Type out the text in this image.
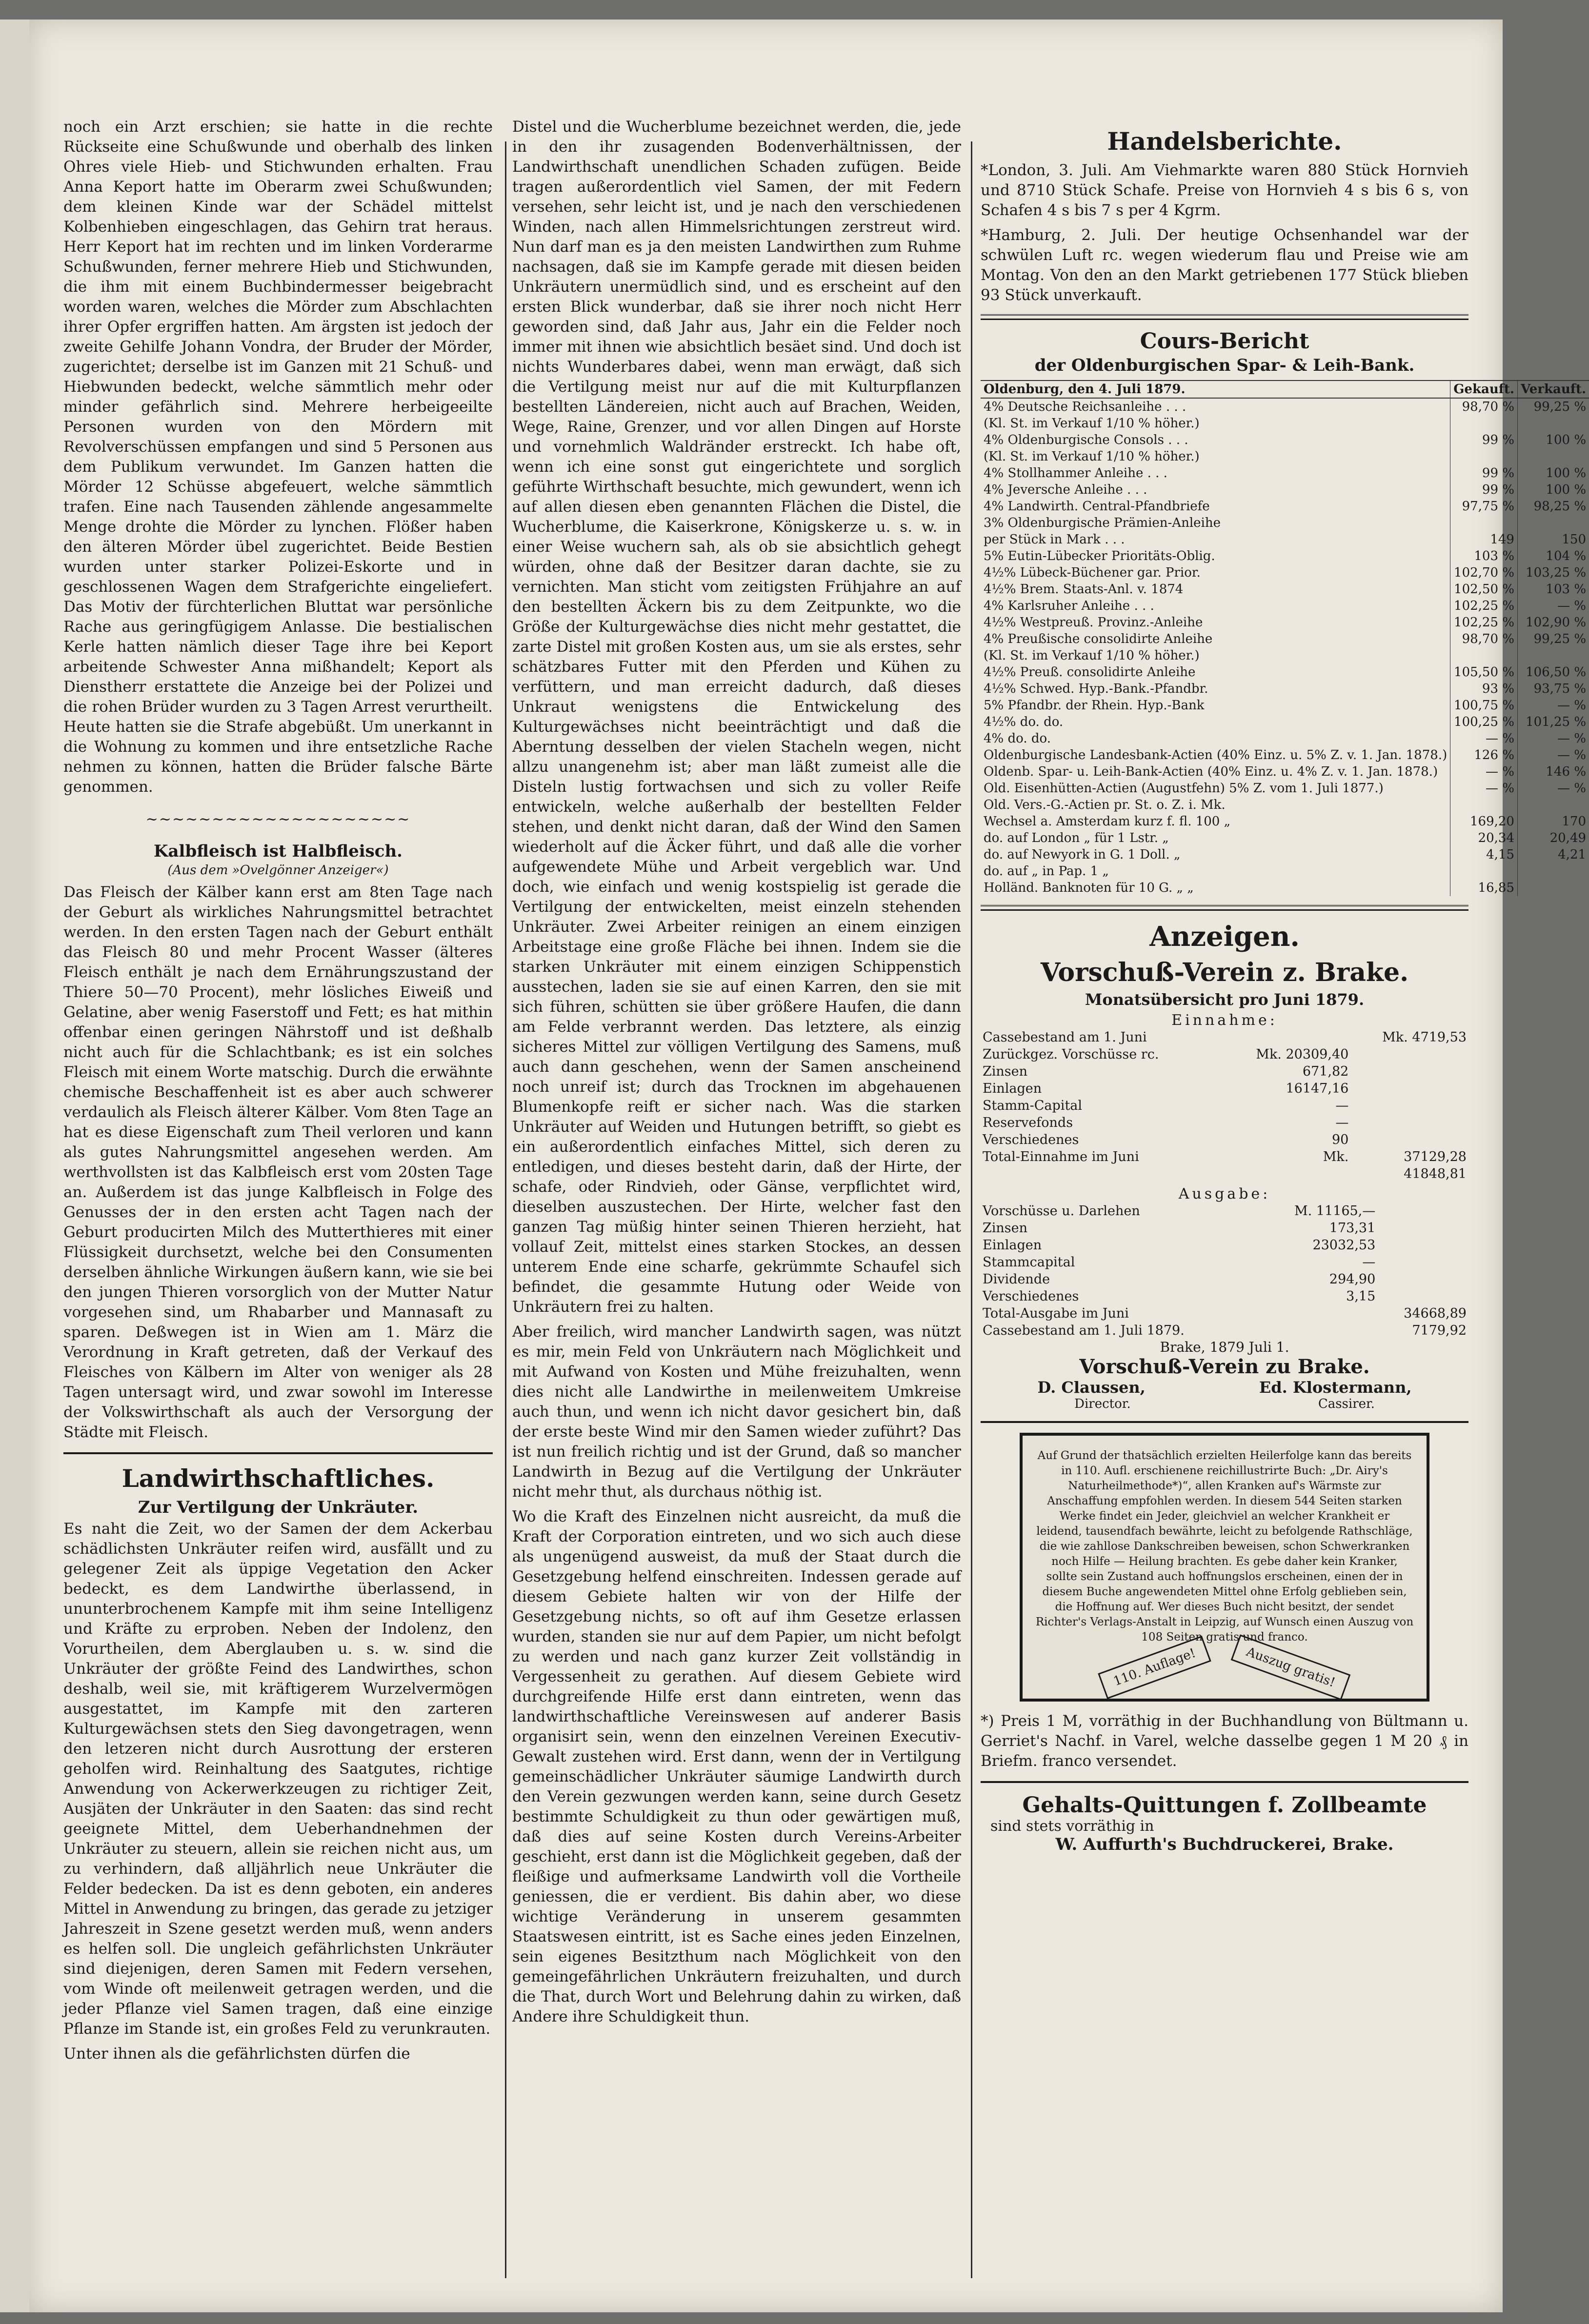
noch ein Arzt erschien; sie hatte in die rechte Rückseite eine Schußwunde und oberhalb des linken Ohres viele Hieb- und Stichwunden erhalten. Frau Anna Keport hatte im Oberarm zwei Schußwunden; dem kleinen Kinde war der Schädel mittelst Kolbenhieben eingeschlagen, das Gehirn trat heraus. Herr Keport hat im rechten und im linken Vorderarme Schußwunden, ferner mehrere Hieb und Stichwunden, die ihm mit einem Buchbindermesser beigebracht worden waren, welches die Mörder zum Abschlachten ihrer Opfer ergriffen hatten. Am ärgsten ist jedoch der zweite Gehilfe Johann Vondra, der Bruder der Mörder, zugerichtet; derselbe ist im Ganzen mit 21 Schuß- und Hiebwunden bedeckt, welche sämmtlich mehr oder minder gefährlich sind. Mehrere herbeigeeilte Personen wurden von den Mördern mit Revolverschüssen empfangen und sind 5 Personen aus dem Publikum verwundet. Im Ganzen hatten die Mörder 12 Schüsse abgefeuert, welche sämmtlich trafen. Eine nach Tausenden zählende angesammelte Menge drohte die Mörder zu lynchen. Flößer haben den älteren Mörder übel zugerichtet. Beide Bestien wurden unter starker Polizei-Eskorte und in geschlossenen Wagen dem Strafgerichte eingeliefert. Das Motiv der fürchterlichen Bluttat war persönliche Rache aus geringfügigem Anlasse. Die bestialischen Kerle hatten nämlich dieser Tage ihre bei Keport arbeitende Schwester Anna mißhandelt; Keport als Dienstherr erstattete die Anzeige bei der Polizei und die rohen Brüder wurden zu 3 Tagen Arrest verurtheilt. Heute hatten sie die Strafe abgebüßt. Um unerkannt in die Wohnung zu kommen und ihre entsetzliche Rache nehmen zu können, hatten die Brüder falsche Bärte genommen.

~~~~~~~~~~~~~~~~~~~~
Kalbfleisch ist Halbfleisch.
(Aus dem »Ovelgönner Anzeiger«)

Das Fleisch der Kälber kann erst am 8ten Tage nach der Geburt als wirkliches Nahrungsmittel betrachtet werden. In den ersten Tagen nach der Geburt enthält das Fleisch 80 und mehr Procent Wasser (älteres Fleisch enthält je nach dem Ernährungszustand der Thiere 50—70 Procent), mehr lösliches Eiweiß und Gelatine, aber wenig Faserstoff und Fett; es hat mithin offenbar einen geringen Nährstoff und ist deßhalb nicht auch für die Schlachtbank; es ist ein solches Fleisch mit einem Worte matschig. Durch die erwähnte chemische Beschaffenheit ist es aber auch schwerer verdaulich als Fleisch älterer Kälber. Vom 8ten Tage an hat es diese Eigenschaft zum Theil verloren und kann als gutes Nahrungsmittel angesehen werden. Am werthvollsten ist das Kalbfleisch erst vom 20sten Tage an. Außerdem ist das junge Kalbfleisch in Folge des Genusses der in den ersten acht Tagen nach der Geburt producirten Milch des Mutterthieres mit einer Flüssigkeit durchsetzt, welche bei den Consumenten derselben ähnliche Wirkungen äußern kann, wie sie bei den jungen Thieren vorsorglich von der Mutter Natur vorgesehen sind, um Rhabarber und Mannasaft zu sparen. Deßwegen ist in Wien am 1. März die Verordnung in Kraft getreten, daß der Verkauf des Fleisches von Kälbern im Alter von weniger als 28 Tagen untersagt wird, und zwar sowohl im Interesse der Volkswirthschaft als auch der Versorgung der Städte mit Fleisch.

Landwirthschaftliches.
Zur Vertilgung der Unkräuter.

Es naht die Zeit, wo der Samen der dem Ackerbau schädlichsten Unkräuter reifen wird, ausfällt und zu gelegener Zeit als üppige Vegetation den Acker bedeckt, es dem Landwirthe überlassend, in ununterbrochenem Kampfe mit ihm seine Intelligenz und Kräfte zu erproben. Neben der Indolenz, den Vorurtheilen, dem Aberglauben u. s. w. sind die Unkräuter der größte Feind des Landwirthes, schon deshalb, weil sie, mit kräftigerem Wurzelvermögen ausgestattet, im Kampfe mit den zarteren Kulturgewächsen stets den Sieg davongetragen, wenn den letzeren nicht durch Ausrottung der ersteren geholfen wird. Reinhaltung des Saatgutes, richtige Anwendung von Ackerwerkzeugen zu richtiger Zeit, Ausjäten der Unkräuter in den Saaten: das sind recht geeignete Mittel, dem Ueberhandnehmen der Unkräuter zu steuern, allein sie reichen nicht aus, um zu verhindern, daß alljährlich neue Unkräuter die Felder bedecken. Da ist es denn geboten, ein anderes Mittel in Anwendung zu bringen, das gerade zu jetziger Jahreszeit in Szene gesetzt werden muß, wenn anders es helfen soll. Die ungleich gefährlichsten Unkräuter sind diejenigen, deren Samen mit Federn versehen, vom Winde oft meilenweit getragen werden, und die jeder Pflanze viel Samen tragen, daß eine einzige Pflanze im Stande ist, ein großes Feld zu verunkrauten.

Unter ihnen als die gefährlichsten dürfen die

Distel und die Wucherblume bezeichnet werden, die, jede in den ihr zusagenden Bodenverhältnissen, der Landwirthschaft unendlichen Schaden zufügen. Beide tragen außerordentlich viel Samen, der mit Federn versehen, sehr leicht ist, und je nach den verschiedenen Winden, nach allen Himmelsrichtungen zerstreut wird. Nun darf man es ja den meisten Landwirthen zum Ruhme nachsagen, daß sie im Kampfe gerade mit diesen beiden Unkräutern unermüdlich sind, und es erscheint auf den ersten Blick wunderbar, daß sie ihrer noch nicht Herr geworden sind, daß Jahr aus, Jahr ein die Felder noch immer mit ihnen wie absichtlich besäet sind. Und doch ist nichts Wunderbares dabei, wenn man erwägt, daß sich die Vertilgung meist nur auf die mit Kulturpflanzen bestellten Ländereien, nicht auch auf Brachen, Weiden, Wege, Raine, Grenzer, und vor allen Dingen auf Horste und vornehmlich Waldränder erstreckt. Ich habe oft, wenn ich eine sonst gut eingerichtete und sorglich geführte Wirthschaft besuchte, mich gewundert, wenn ich auf allen diesen eben genannten Flächen die Distel, die Wucherblume, die Kaiserkrone, Königskerze u. s. w. in einer Weise wuchern sah, als ob sie absichtlich gehegt würden, ohne daß der Besitzer daran dachte, sie zu vernichten. Man sticht vom zeitigsten Frühjahre an auf den bestellten Äckern bis zu dem Zeitpunkte, wo die Größe der Kulturgewächse dies nicht mehr gestattet, die zarte Distel mit großen Kosten aus, um sie als erstes, sehr schätzbares Futter mit den Pferden und Kühen zu verfüttern, und man erreicht dadurch, daß dieses Unkraut wenigstens die Entwickelung des Kulturgewächses nicht beeinträchtigt und daß die Aberntung desselben der vielen Stacheln wegen, nicht allzu unangenehm ist; aber man läßt zumeist alle die Disteln lustig fortwachsen und sich zu voller Reife entwickeln, welche außerhalb der bestellten Felder stehen, und denkt nicht daran, daß der Wind den Samen wiederholt auf die Äcker führt, und daß alle die vorher aufgewendete Mühe und Arbeit vergeblich war. Und doch, wie einfach und wenig kostspielig ist gerade die Vertilgung der entwickelten, meist einzeln stehenden Unkräuter. Zwei Arbeiter reinigen an einem einzigen Arbeitstage eine große Fläche bei ihnen. Indem sie die starken Unkräuter mit einem einzigen Schippenstich ausstechen, laden sie sie auf einen Karren, den sie mit sich führen, schütten sie über größere Haufen, die dann am Felde verbrannt werden. Das letztere, als einzig sicheres Mittel zur völligen Vertilgung des Samens, muß auch dann geschehen, wenn der Samen anscheinend noch unreif ist; durch das Trocknen im abgehauenen Blumenkopfe reift er sicher nach. Was die starken Unkräuter auf Weiden und Hutungen betrifft, so giebt es ein außerordentlich einfaches Mittel, sich deren zu entledigen, und dieses besteht darin, daß der Hirte, der schafe, oder Rindvieh, oder Gänse, verpflichtet wird, dieselben auszustechen. Der Hirte, welcher fast den ganzen Tag müßig hinter seinen Thieren herzieht, hat vollauf Zeit, mittelst eines starken Stockes, an dessen unterem Ende eine scharfe, gekrümmte Schaufel sich befindet, die gesammte Hutung oder Weide von Unkräutern frei zu halten.

Aber freilich, wird mancher Landwirth sagen, was nützt es mir, mein Feld von Unkräutern nach Möglichkeit und mit Aufwand von Kosten und Mühe freizuhalten, wenn dies nicht alle Landwirthe in meilenweitem Umkreise auch thun, und wenn ich nicht davor gesichert bin, daß der erste beste Wind mir den Samen wieder zuführt? Das ist nun freilich richtig und ist der Grund, daß so mancher Landwirth in Bezug auf die Vertilgung der Unkräuter nicht mehr thut, als durchaus nöthig ist.

Wo die Kraft des Einzelnen nicht ausreicht, da muß die Kraft der Corporation eintreten, und wo sich auch diese als ungenügend ausweist, da muß der Staat durch die Gesetzgebung helfend einschreiten. Indessen gerade auf diesem Gebiete halten wir von der Hilfe der Gesetzgebung nichts, so oft auf ihm Gesetze erlassen wurden, standen sie nur auf dem Papier, um nicht befolgt zu werden und nach ganz kurzer Zeit vollständig in Vergessenheit zu gerathen. Auf diesem Gebiete wird durchgreifende Hilfe erst dann eintreten, wenn das landwirthschaftliche Vereinswesen auf anderer Basis organisirt sein, wenn den einzelnen Vereinen Executiv-Gewalt zustehen wird. Erst dann, wenn der in Vertilgung gemeinschädlicher Unkräuter säumige Landwirth durch den Verein gezwungen werden kann, seine durch Gesetz bestimmte Schuldigkeit zu thun oder gewärtigen muß, daß dies auf seine Kosten durch Vereins-Arbeiter geschieht, erst dann ist die Möglichkeit gegeben, daß der fleißige und aufmerksame Landwirth voll die Vortheile geniessen, die er verdient. Bis dahin aber, wo diese wichtige Veränderung in unserem gesammten Staatswesen eintritt, ist es Sache eines jeden Einzelnen, sein eigenes Besitzthum nach Möglichkeit von den gemeingefährlichen Unkräutern freizuhalten, und durch die That, durch Wort und Belehrung dahin zu wirken, daß Andere ihre Schuldigkeit thun.

Handelsberichte.

*London, 3. Juli. Am Viehmarkte waren 880 Stück Hornvieh und 8710 Stück Schafe. Preise von Hornvieh 4 s bis 6 s, von Schafen 4 s bis 7 s per 4 Kgrm.

*Hamburg, 2. Juli. Der heutige Ochsenhandel war der schwülen Luft rc. wegen wiederum flau und Preise wie am Montag. Von den an den Markt getriebenen 177 Stück blieben 93 Stück unverkauft.

Cours-Bericht
der Oldenburgischen Spar- & Leih-Bank.
Oldenburg, den 4. Juli 1879.	Gekauft.	Verkauft.
4% Deutsche Reichsanleihe . . .	98,70 %	99,25 %
(Kl. St. im Verkauf 1/10 % höher.)		
4% Oldenburgische Consols . . .	99 %	100 %
(Kl. St. im Verkauf 1/10 % höher.)		
4% Stollhammer Anleihe . . .	99 %	100 %
4% Jeversche Anleihe . . .	99 %	100 %
4% Landwirth. Central-Pfandbriefe	97,75 %	98,25 %
3% Oldenburgische Prämien-Anleihe		
per Stück in Mark . . .	149	150
5% Eutin-Lübecker Prioritäts-Oblig.	103 %	104 %
4½% Lübeck-Büchener gar. Prior.	102,70 %	103,25 %
4½% Brem. Staats-Anl. v. 1874	102,50 %	103 %
4% Karlsruher Anleihe . . .	102,25 %	— %
4½% Westpreuß. Provinz.-Anleihe	102,25 %	102,90 %
4% Preußische consolidirte Anleihe	98,70 %	99,25 %
(Kl. St. im Verkauf 1/10 % höher.)		
4½% Preuß. consolidirte Anleihe	105,50 %	106,50 %
4½% Schwed. Hyp.-Bank.-Pfandbr.	93 %	93,75 %
5% Pfandbr. der Rhein. Hyp.-Bank	100,75 %	— %
4½% do. do.	100,25 %	101,25 %
4% do. do.	— %	— %
Oldenburgische Landesbank-Actien (40% Einz. u. 5% Z. v. 1. Jan. 1878.)	126 %	— %
Oldenb. Spar- u. Leih-Bank-Actien (40% Einz. u. 4% Z. v. 1. Jan. 1878.)	— %	146 %
Old. Eisenhütten-Actien (Augustfehn) 5% Z. vom 1. Juli 1877.)	— %	— %
Old. Vers.-G.-Actien pr. St. o. Z. i. Mk.		
Wechsel a. Amsterdam kurz f. fl. 100 „	169,20	170
do. auf London „ für 1 Lstr. „	20,34	20,49
do. auf Newyork in G. 1 Doll. „	4,15	4,21
do. auf „ in Pap. 1 „		
Holländ. Banknoten für 10 G. „ „	16,85	
Anzeigen.
Vorschuß-Verein z. Brake.
Monatsübersicht pro Juni 1879.
Einnahme:
Cassebestand am 1. Juni		Mk. 4719,53
Zurückgez. Vorschüsse rc.	Mk. 20309,40	
Zinsen	671,82	
Einlagen	16147,16	
Stamm-Capital	—	
Reservefonds	—	
Verschiedenes	90	
Total-Einnahme im Juni	Mk.	37129,28
		41848,81
Ausgabe:
Vorschüsse u. Darlehen	M. 11165,—	
Zinsen	173,31	
Einlagen	23032,53	
Stammcapital	—	
Dividende	294,90	
Verschiedenes	3,15	
Total-Ausgabe im Juni		34668,89
Cassebestand am 1. Juli 1879.		7179,92
Brake, 1879 Juli 1.
Vorschuß-Verein zu Brake.
D. Claussen,	Ed. Klostermann,
Director.	Cassirer.

Auf Grund der thatsächlich erzielten Heilerfolge kann das bereits in 110. Aufl. erschienene reichillustrirte Buch: „Dr. Airy's Naturheilmethode*)“, allen Kranken auf's Wärmste zur Anschaffung empfohlen werden. In diesem 544 Seiten starken Werke findet ein Jeder, gleichviel an welcher Krankheit er leidend, tausendfach bewährte, leicht zu befolgende Rathschläge, die wie zahllose Dankschreiben beweisen, schon Schwerkranken noch Hilfe — Heilung brachten. Es gebe daher kein Kranker, sollte sein Zustand auch hoffnungslos erscheinen, einen der in diesem Buche angewendeten Mittel ohne Erfolg geblieben sein, die Hoffnung auf. Wer dieses Buch nicht besitzt, der sendet Richter's Verlags-Anstalt in Leipzig, auf Wunsch einen Auszug von 108 Seiten gratis und franco.

110. Auflage!	Auszug gratis!

*) Preis 1 M, vorräthig in der Buchhandlung von Bültmann u. Gerriet's Nachf. in Varel, welche dasselbe gegen 1 M 20 ₰ in Briefm. franco versendet.

Gehalts-Quittungen f. Zollbeamte
sind stets vorräthig in
W. Auffurth's Buchdruckerei, Brake.
